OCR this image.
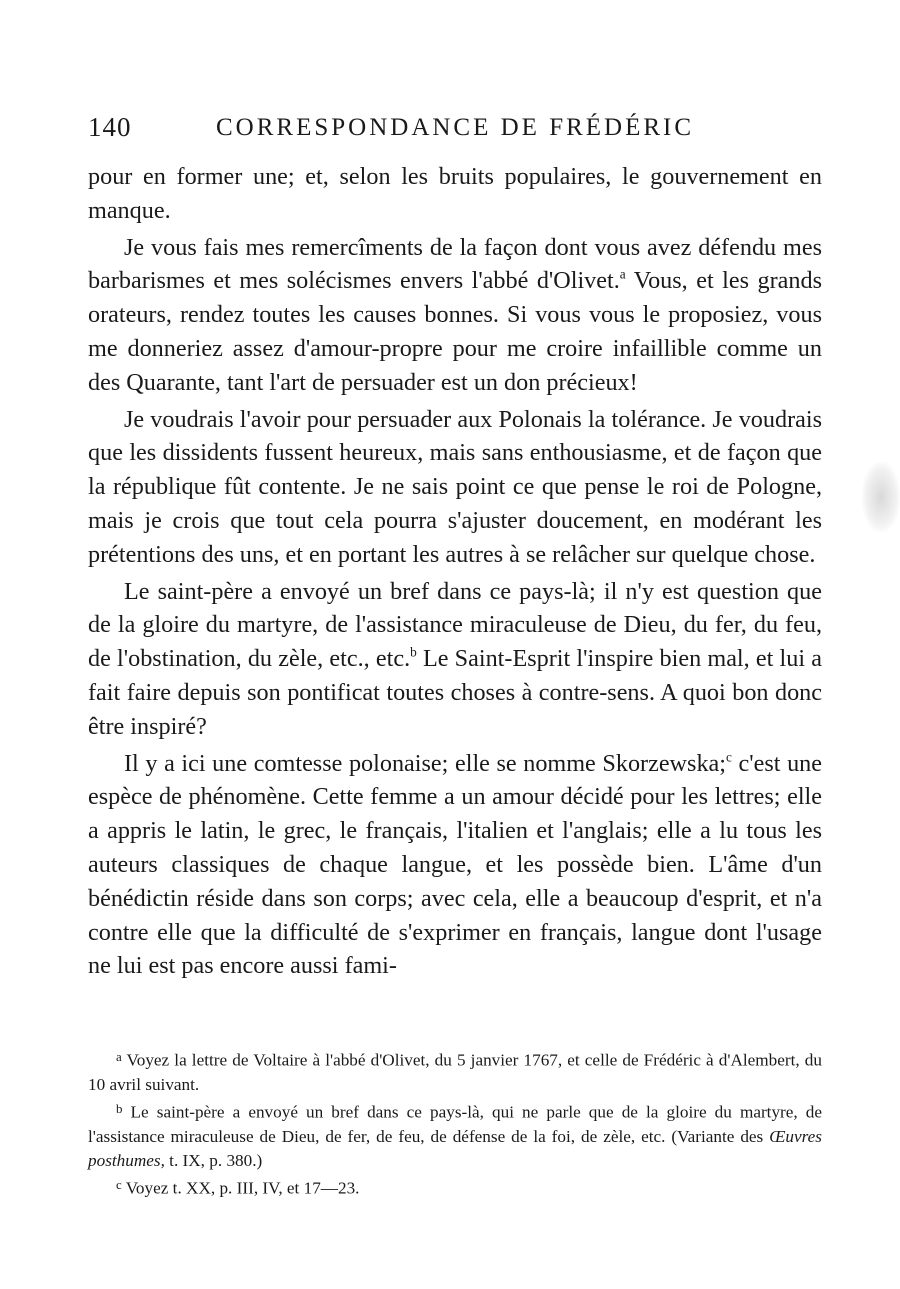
140	CORRESPONDANCE DE FRÉDÉRIC

pour en former une; et, selon les bruits populaires, le gouvernement en manque.

Je vous fais mes remercîments de la façon dont vous avez défendu mes barbarismes et mes solécismes envers l'abbé d'Olivet.$^a$ Vous, et les grands orateurs, rendez toutes les causes bonnes. Si vous vous le proposiez, vous me donneriez assez d'amour-propre pour me croire infaillible comme un des Quarante, tant l'art de persuader est un don précieux!

Je voudrais l'avoir pour persuader aux Polonais la tolérance. Je voudrais que les dissidents fussent heureux, mais sans enthousiasme, et de façon que la république fût contente. Je ne sais point ce que pense le roi de Pologne, mais je crois que tout cela pourra s'ajuster doucement, en modérant les prétentions des uns, et en portant les autres à se relâcher sur quelque chose.

Le saint-père a envoyé un bref dans ce pays-là; il n'y est question que de la gloire du martyre, de l'assistance miraculeuse de Dieu, du fer, du feu, de l'obstination, du zèle, etc., etc.$^b$ Le Saint-Esprit l'inspire bien mal, et lui a fait faire depuis son pontificat toutes choses à contre-sens. A quoi bon donc être inspiré?

Il y a ici une comtesse polonaise; elle se nomme Skorzewska;$^c$ c'est une espèce de phénomène. Cette femme a un amour décidé pour les lettres; elle a appris le latin, le grec, le français, l'italien et l'anglais; elle a lu tous les auteurs classiques de chaque langue, et les possède bien. L'âme d'un bénédictin réside dans son corps; avec cela, elle a beaucoup d'esprit, et n'a contre elle que la difficulté de s'exprimer en français, langue dont l'usage ne lui est pas encore aussi fami-

$^a$ Voyez la lettre de Voltaire à l'abbé d'Olivet, du 5 janvier 1767, et celle de Frédéric à d'Alembert, du 10 avril suivant.

$^b$ Le saint-père a envoyé un bref dans ce pays-là, qui ne parle que de la gloire du martyre, de l'assistance miraculeuse de Dieu, de fer, de feu, de défense de la foi, de zèle, etc. (Variante des Œuvres posthumes, t. IX, p. 380.)

$^c$ Voyez t. XX, p. III, IV, et 17—23.
